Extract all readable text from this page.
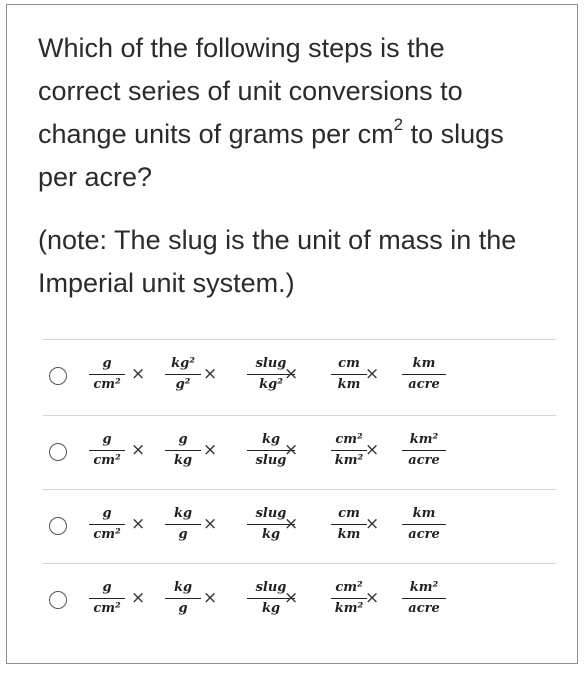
Which of the following steps is the
correct series of unit conversions to
change units of grams per $cm^2$ to slugs
per acre?
(note: The slug is the unit of mass in the
Imperial unit system.)
g
cm²
×
kg²
g²
×
slug
kg²
×
cm
km
×
km
acre
g
cm²
×
g
kg
×
kg
slug
×
cm²
km²
×
km²
acre
g
cm²
×
kg
g
×
slug
kg
×
cm
km
×
km
acre
g
cm²
×
kg
g
×
slug
kg
×
cm²
km²
×
km²
acre
